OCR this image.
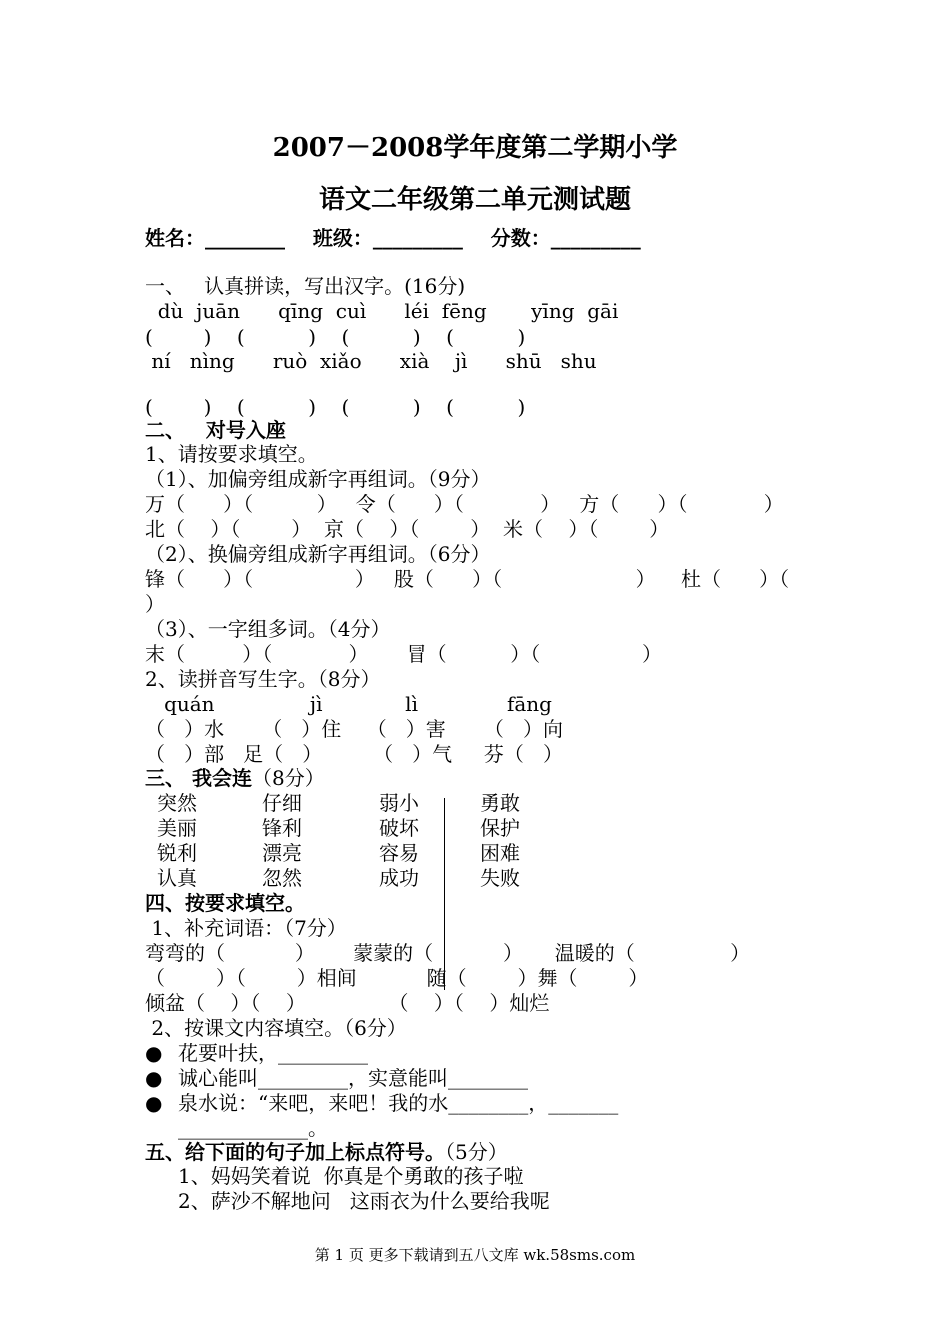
2007－2008学年度第二学期小学
语文二年级第二单元测试题
姓名：________    班级：_________    分数：_________
一、   认真拼读，写出汉字。(16分)
dù  juān      qīng  cuì      léi  fēng       yīng  gāi
(        )    (          )    (          )    (          )
ní   nìng      ruò  xiǎo      xià    jì      shū   shu
(        )    (          )    (          )    (          )
二、   对号入座
1、请按要求填空。
（1）、加偏旁组成新字再组词。（9分）
万（      ）（          ）   令（      ）（            ）   方（      ）（            ）
北（    ）（        ）  京（    ）（        ）  米（    ）（        ）
（2）、换偏旁组成新字再组词。（6分）
锋（      ）（                ）   股（      ）（                     ）    杜（      ）（
）
（3）、一字组多词。（4分）
末（         ）（            ）      冒（          ）（                ）
2、读拼音写生字。（8分）
quán               jì             lì              fāng
（   ）水      （   ）住    （   ）害      （   ）向
（   ）部   足（   ）        （   ）气     芬（   ）
三、 我会连（8分）
突然
美丽
锐利
认真
仔细
锋利
漂亮
忽然
弱小
破坏
容易
成功
勇敢
保护
困难
失败
四、按要求填空。
1、补充词语：（7分）
弯弯的（           ）      蒙蒙的（           ）     温暖的（               ）
（        ）（        ）相间           随（        ）舞（        ）
倾盆（    ）（    ）             （    ）（    ）灿烂
2、按课文内容填空。（6分）
● 花要叶扶，_________
● 诚心能叫_________，实意能叫________
● 泉水说：“来吧，来吧！我的水________，_______
_____________。
五、给下面的句子加上标点符号。（5分）
1、妈妈笑着说  你真是个勇敢的孩子啦
2、萨沙不解地问   这雨衣为什么要给我呢
第 1 页 更多下载请到五八文库 wk.58sms.com
